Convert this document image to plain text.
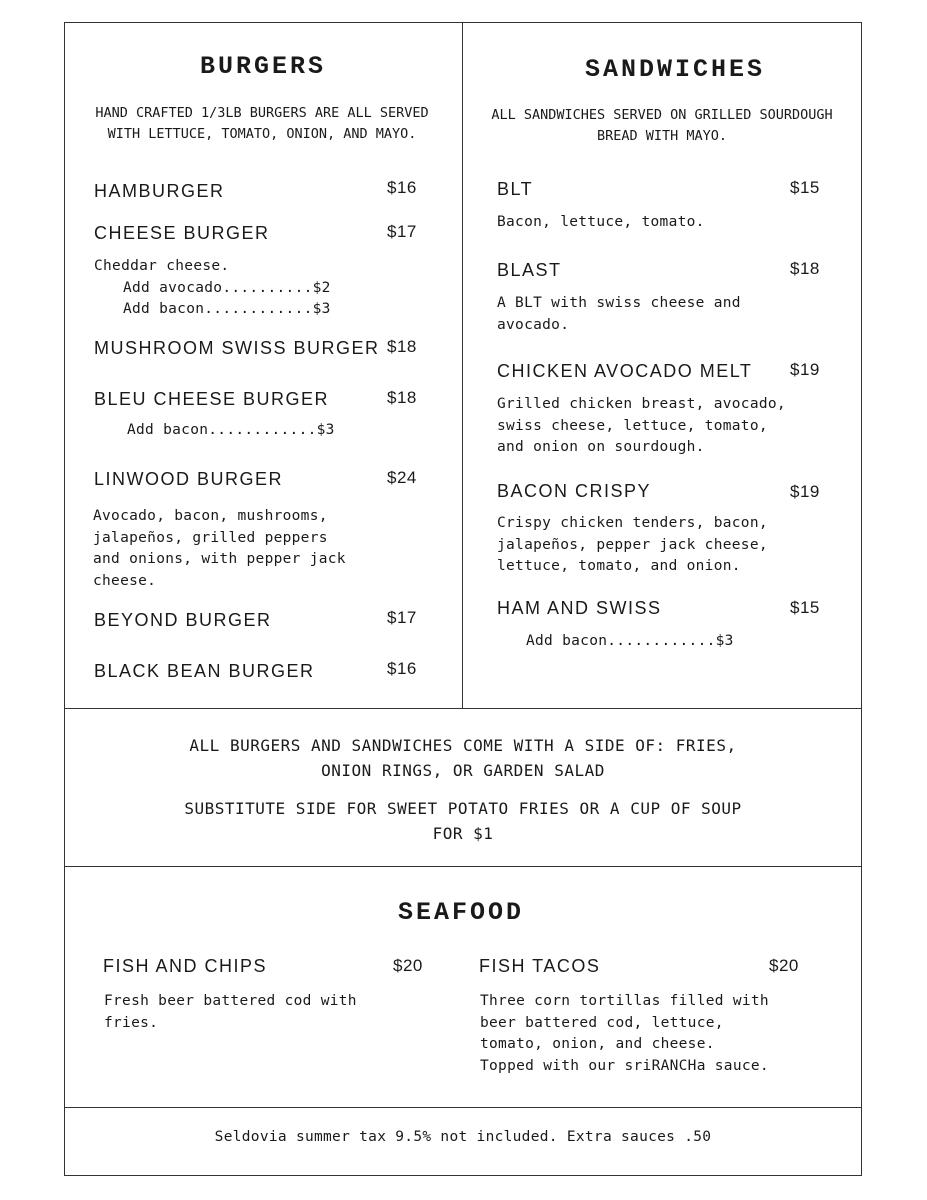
BURGERS
HAND CRAFTED 1/3LB BURGERS ARE ALL SERVED
WITH LETTUCE, TOMATO, ONION, AND MAYO.
HAMBURGER	$16
CHEESE BURGER	$17
Cheddar cheese.
Add avocado..........$2
Add bacon............$3
MUSHROOM SWISS BURGER $18
BLEU CHEESE BURGER	$18
Add bacon............$3
LINWOOD BURGER	$24
Avocado, bacon, mushrooms,
jalapeños, grilled peppers
and onions, with pepper jack
cheese.
BEYOND BURGER	$17
BLACK BEAN BURGER	$16
SANDWICHES
ALL SANDWICHES SERVED ON GRILLED SOURDOUGH
BREAD WITH MAYO.
BLT	$15
Bacon, lettuce, tomato.
BLAST	$18
A BLT with swiss cheese and
avocado.
CHICKEN AVOCADO MELT $19
Grilled chicken breast, avocado,
swiss cheese, lettuce, tomato,
and onion on sourdough.
BACON CRISPY	$19
Crispy chicken tenders, bacon,
jalapeños, pepper jack cheese,
lettuce, tomato, and onion.
HAM AND SWISS	$15
Add bacon............$3
ALL BURGERS AND SANDWICHES COME WITH A SIDE OF: FRIES,
ONION RINGS, OR GARDEN SALAD
SUBSTITUTE SIDE FOR SWEET POTATO FRIES OR A CUP OF SOUP
FOR $1
SEAFOOD
FISH AND CHIPS	$20
Fresh beer battered cod with
fries.
FISH TACOS	$20
Three corn tortillas filled with
beer battered cod, lettuce,
tomato, onion, and cheese.
Topped with our sriRANCHa sauce.
Seldovia summer tax 9.5% not included. Extra sauces .50
